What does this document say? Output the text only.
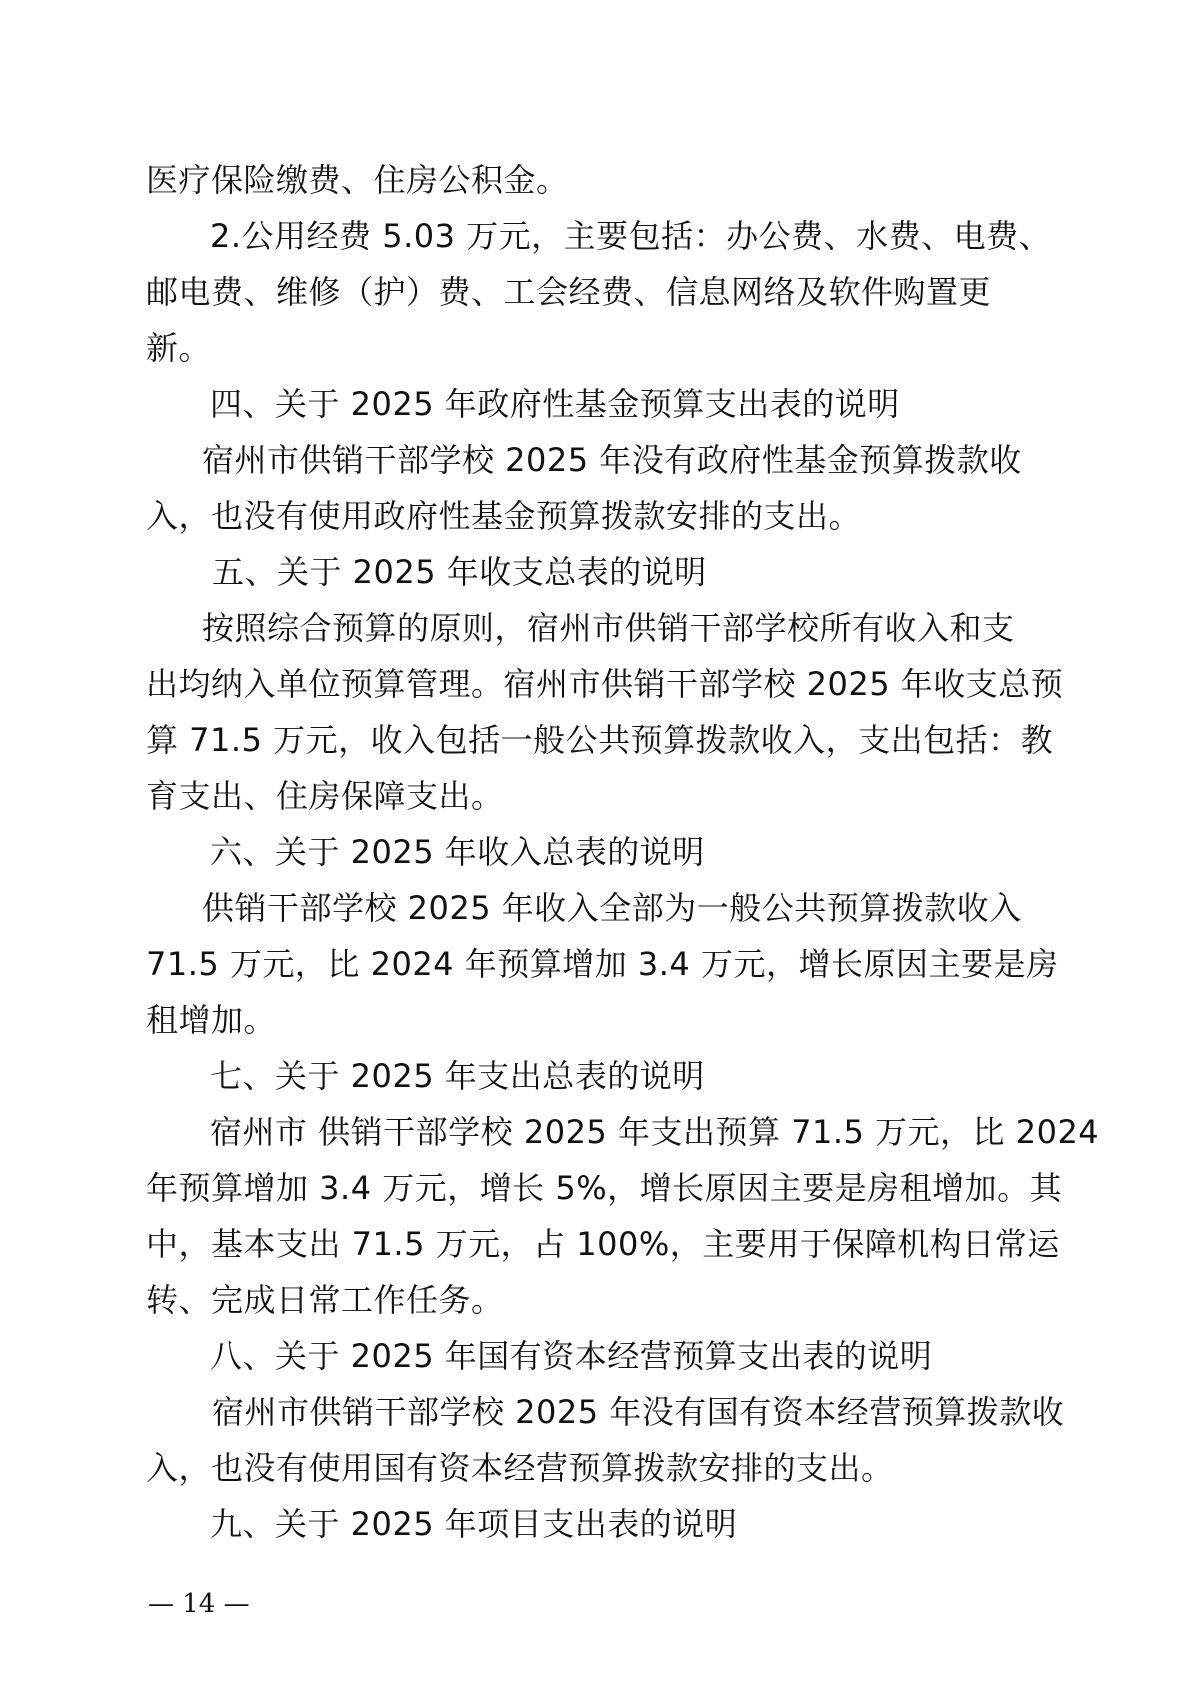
医疗保险缴费、住房公积金。
2.公用经费 5.03 万元，主要包括：办公费、水费、电费、
邮电费、维修（护）费、工会经费、信息网络及软件购置更
新。
四、关于 2025 年政府性基金预算支出表的说明
宿州市供销干部学校 2025 年没有政府性基金预算拨款收
入，也没有使用政府性基金预算拨款安排的支出。
五、关于 2025 年收支总表的说明
按照综合预算的原则，宿州市供销干部学校所有收入和支
出均纳入单位预算管理。宿州市供销干部学校 2025 年收支总预
算 71.5 万元，收入包括一般公共预算拨款收入，支出包括：教
育支出、住房保障支出。
六、关于 2025 年收入总表的说明
供销干部学校 2025 年收入全部为一般公共预算拨款收入
71.5 万元，比 2024 年预算增加 3.4 万元，增长原因主要是房
租增加。
七、关于 2025 年支出总表的说明
宿州市 供销干部学校 2025 年支出预算 71.5 万元，比 2024
年预算增加 3.4 万元，增长 5%，增长原因主要是房租增加。其
中，基本支出 71.5 万元，占 100%，主要用于保障机构日常运
转、完成日常工作任务。
八、关于 2025 年国有资本经营预算支出表的说明
宿州市供销干部学校 2025 年没有国有资本经营预算拨款收
入，也没有使用国有资本经营预算拨款安排的支出。
九、关于 2025 年项目支出表的说明
— 14 —
